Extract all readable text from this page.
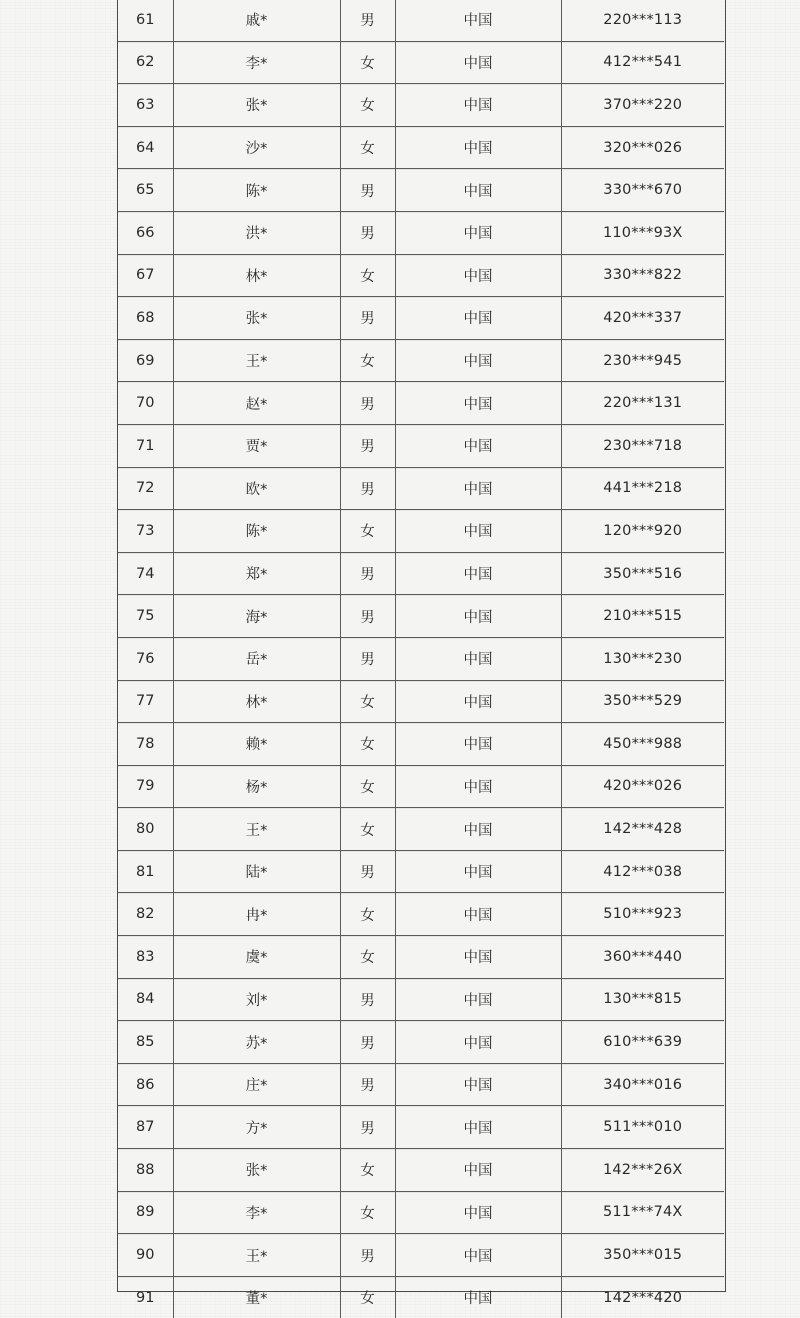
61	戚*	男	中国	220***113
62	李*	女	中国	412***541
63	张*	女	中国	370***220
64	沙*	女	中国	320***026
65	陈*	男	中国	330***670
66	洪*	男	中国	110***93X
67	林*	女	中国	330***822
68	张*	男	中国	420***337
69	王*	女	中国	230***945
70	赵*	男	中国	220***131
71	贾*	男	中国	230***718
72	欧*	男	中国	441***218
73	陈*	女	中国	120***920
74	郑*	男	中国	350***516
75	海*	男	中国	210***515
76	岳*	男	中国	130***230
77	林*	女	中国	350***529
78	赖*	女	中国	450***988
79	杨*	女	中国	420***026
80	王*	女	中国	142***428
81	陆*	男	中国	412***038
82	冉*	女	中国	510***923
83	虞*	女	中国	360***440
84	刘*	男	中国	130***815
85	苏*	男	中国	610***639
86	庄*	男	中国	340***016
87	方*	男	中国	511***010
88	张*	女	中国	142***26X
89	李*	女	中国	511***74X
90	王*	男	中国	350***015
91	董*	女	中国	142***420
